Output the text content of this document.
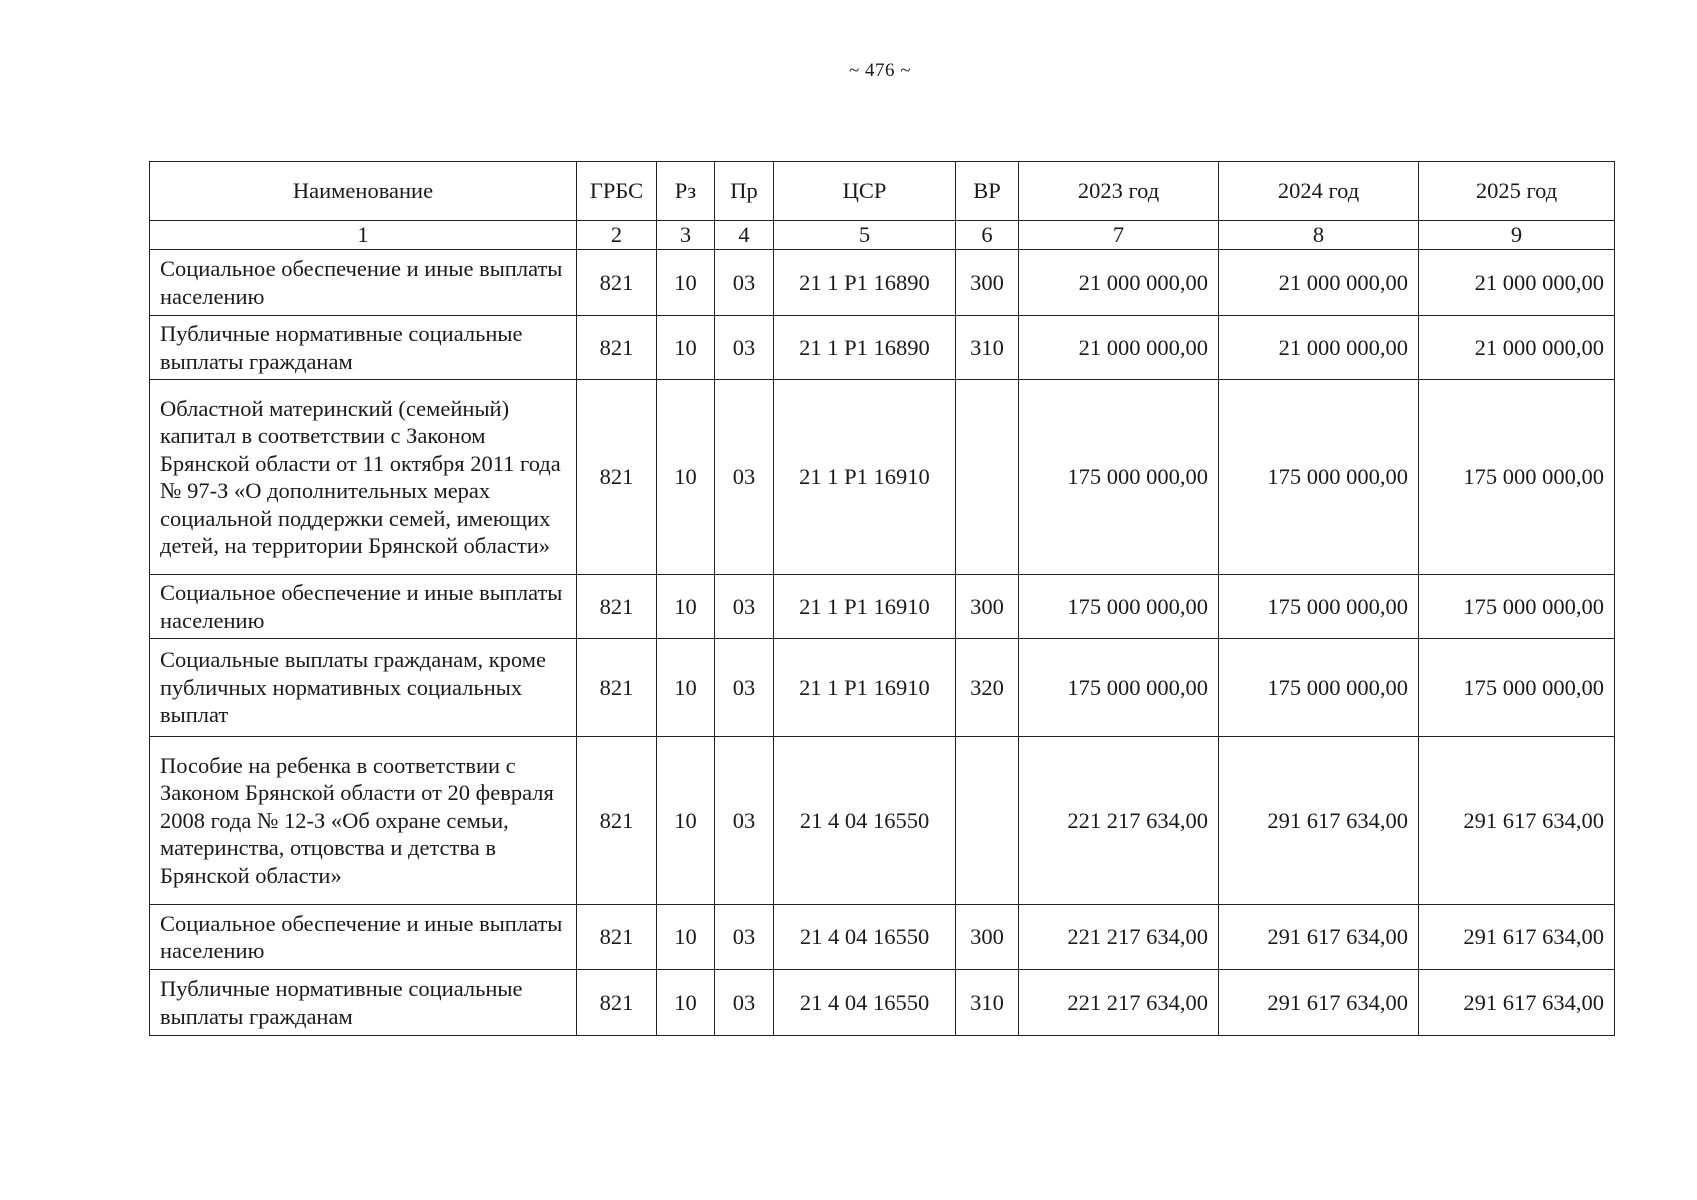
~ 476 ~
Наименование	ГРБС	Рз	Пр	ЦСР	ВР	2023 год	2024 год	2025 год
1	2	3	4	5	6	7	8	9
Социальное обеспечение и иные выплаты населению	821	10	03	21 1 Р1 16890	300	21 000 000,00	21 000 000,00	21 000 000,00
Публичные нормативные социальные выплаты гражданам	821	10	03	21 1 Р1 16890	310	21 000 000,00	21 000 000,00	21 000 000,00
Областной материнский (семейный) капитал в соответствии с Законом Брянской области от 11 октября 2011 года № 97-З «О дополнительных мерах социальной поддержки семей, имеющих детей, на территории Брянской области»	821	10	03	21 1 Р1 16910		175 000 000,00	175 000 000,00	175 000 000,00
Социальное обеспечение и иные выплаты населению	821	10	03	21 1 Р1 16910	300	175 000 000,00	175 000 000,00	175 000 000,00
Социальные выплаты гражданам, кроме публичных нормативных социальных выплат	821	10	03	21 1 Р1 16910	320	175 000 000,00	175 000 000,00	175 000 000,00
Пособие на ребенка в соответствии с Законом Брянской области от 20 февраля 2008 года № 12-З «Об охране семьи, материнства, отцовства и детства в Брянской области»	821	10	03	21 4 04 16550		221 217 634,00	291 617 634,00	291 617 634,00
Социальное обеспечение и иные выплаты населению	821	10	03	21 4 04 16550	300	221 217 634,00	291 617 634,00	291 617 634,00
Публичные нормативные социальные выплаты гражданам	821	10	03	21 4 04 16550	310	221 217 634,00	291 617 634,00	291 617 634,00
